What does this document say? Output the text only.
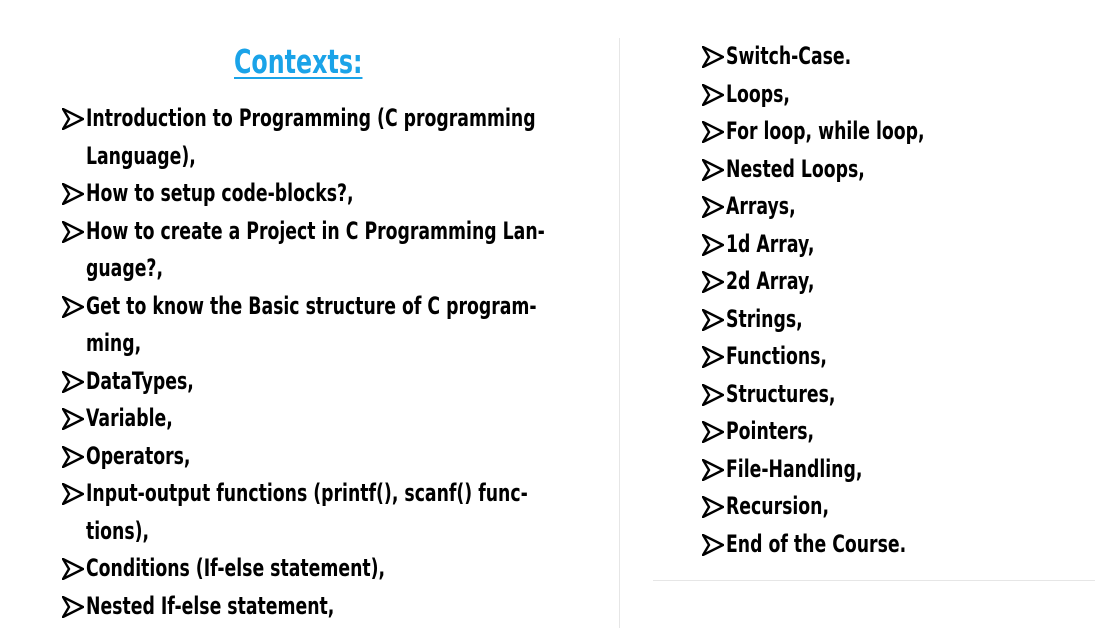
Contexts:
Introduction to Programming (C programming
Language),
How to setup code-blocks?,
How to create a Project in C Programming Lan-
guage?,
Get to know the Basic structure of C program-
ming,
DataTypes,
Variable,
Operators,
Input-output functions (printf(), scanf() func-
tions),
Conditions (If-else statement),
Nested If-else statement,
Switch-Case.
Loops,
For loop, while loop,
Nested Loops,
Arrays,
1d Array,
2d Array,
Strings,
Functions,
Structures,
Pointers,
File-Handling,
Recursion,
End of the Course.
